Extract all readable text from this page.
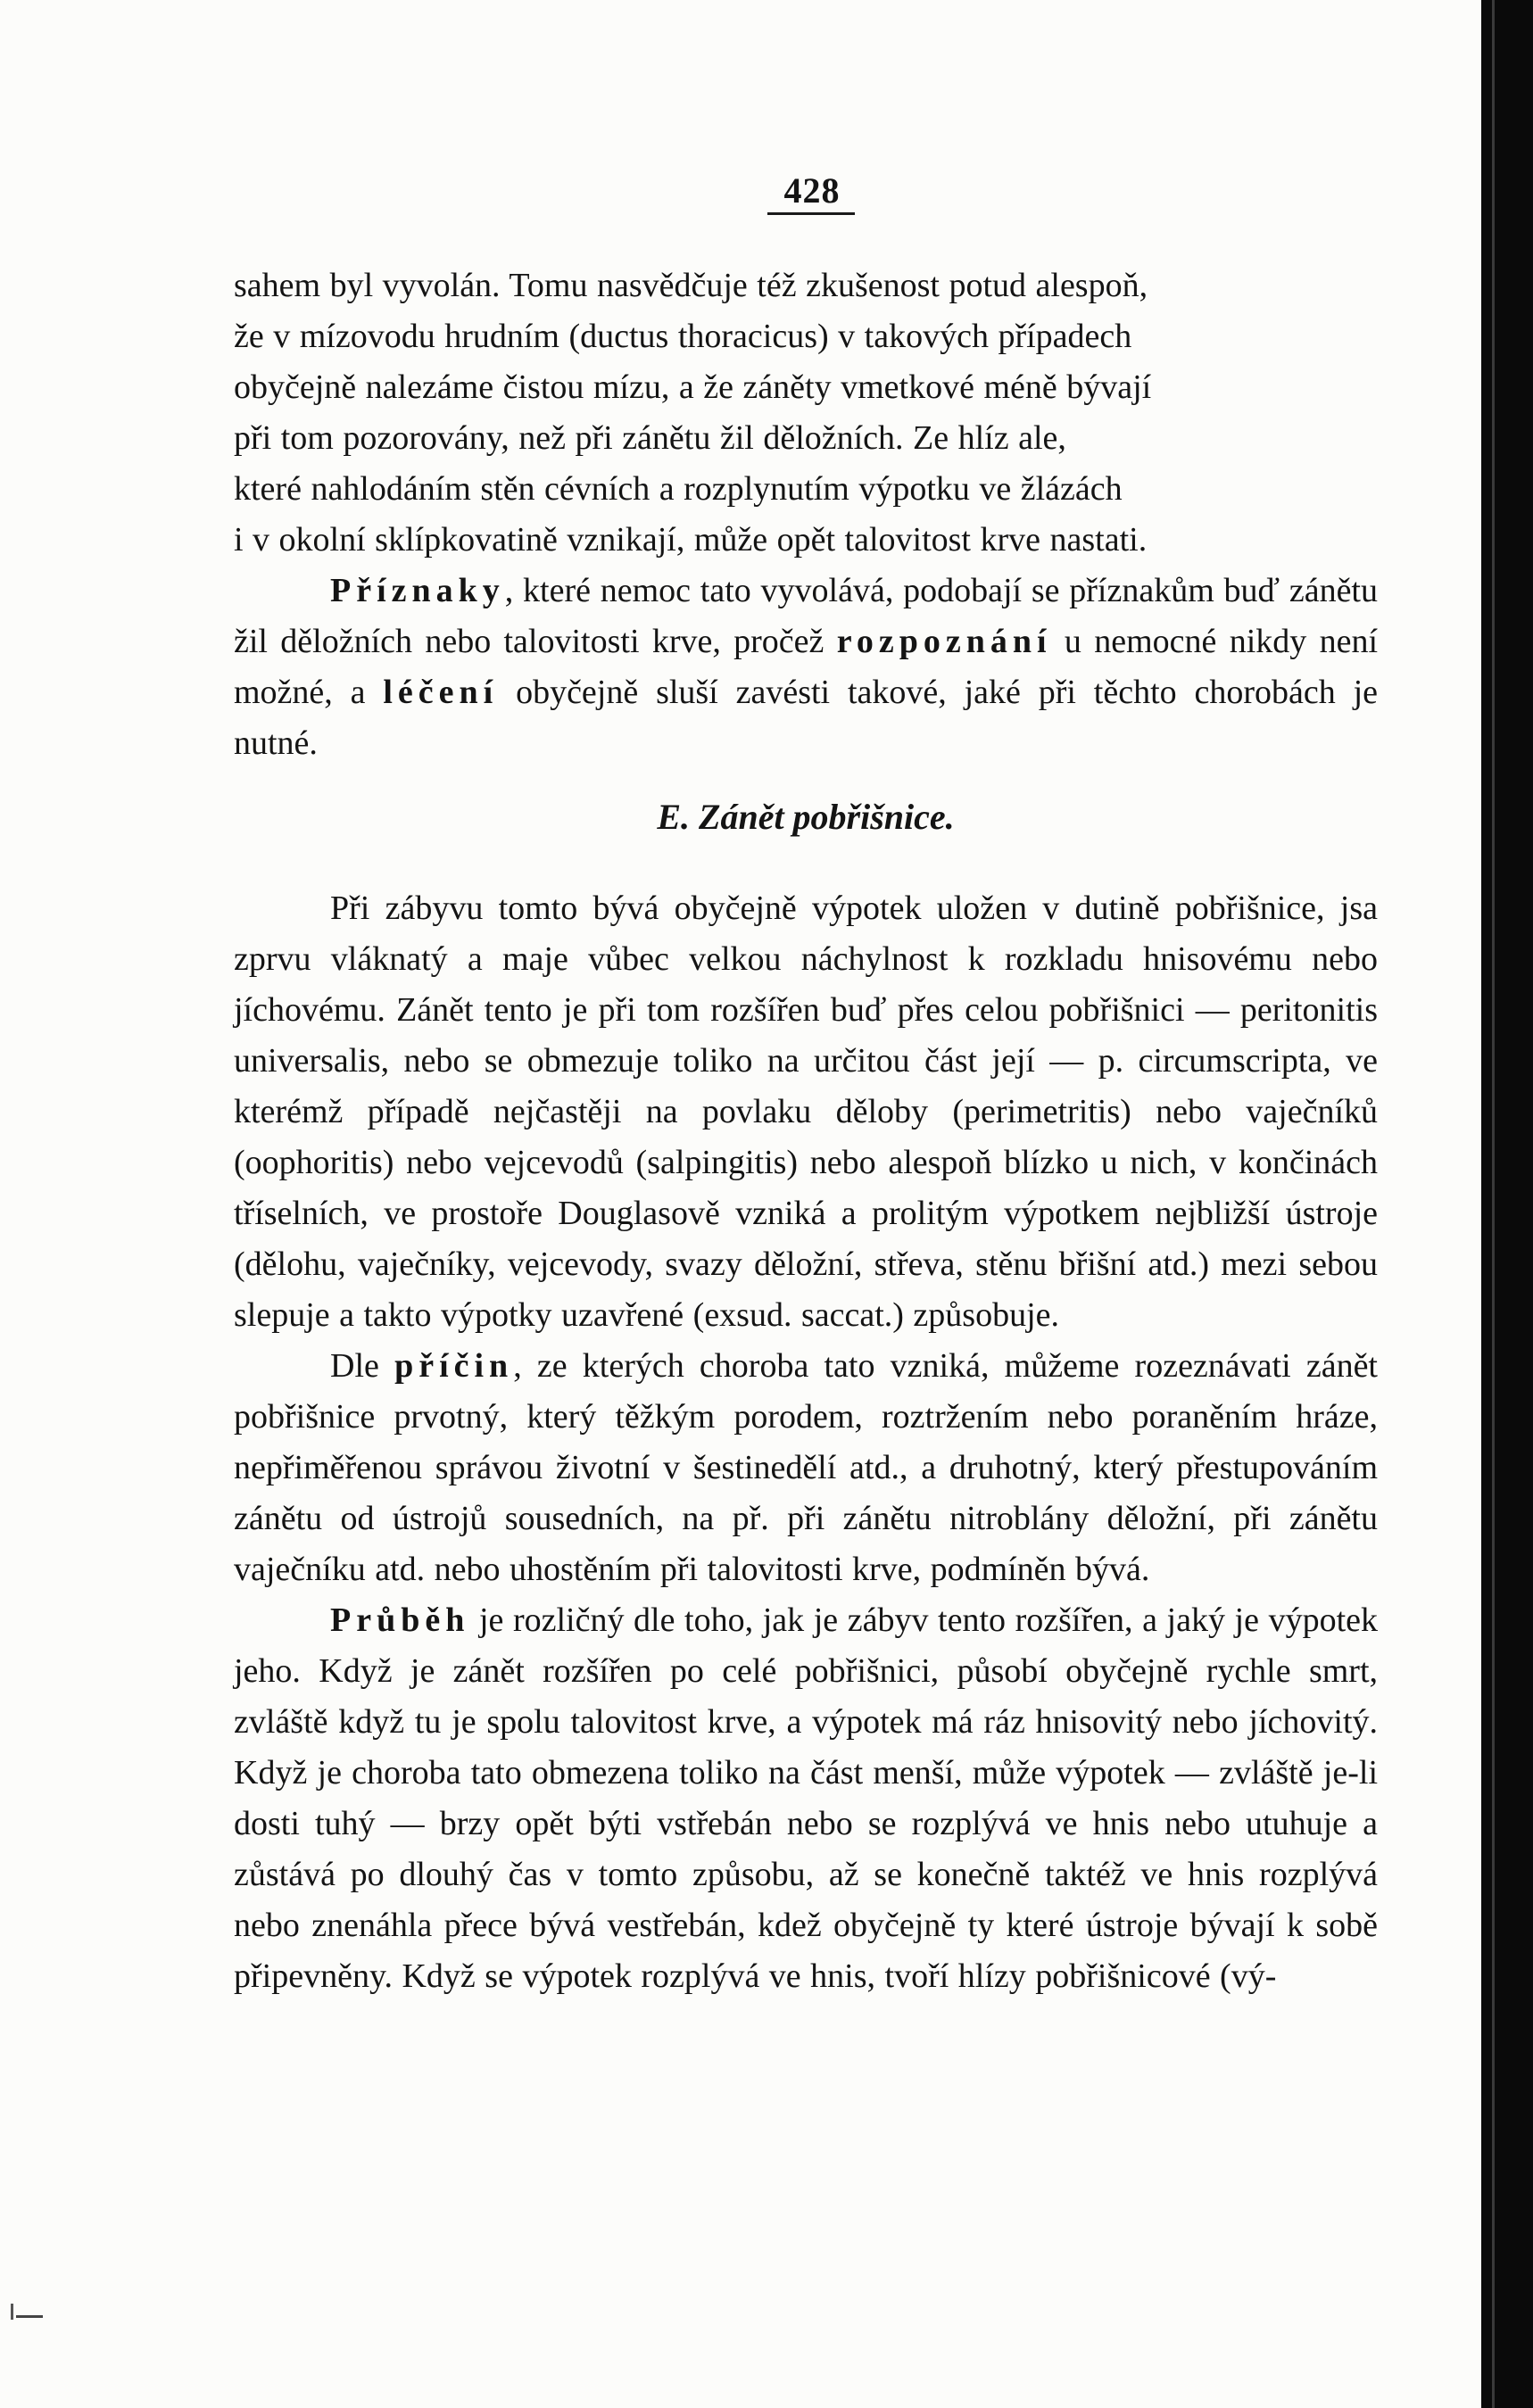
428

sahem byl vyvolán. Tomu nasvědčuje též zkušenost potud alespoň,

že v mízovodu hrudním (ductus thoracicus) v takových případech

obyčejně nalezáme čistou mízu, a že záněty vmetkové méně bývají

při tom pozorovány, než při zánětu žil děložních. Ze hlíz ale,

které nahlodáním stěn cévních a rozplynutím výpotku ve žlázách

i v okolní sklípkovatině vznikají, může opět talovitost krve nastati.

Příznaky, které nemoc tato vyvolává, podobají se příznakům buď zánětu žil děložních nebo talovitosti krve, pročež rozpoznání u nemocné nikdy není možné, a léčení obyčejně sluší zavésti takové, jaké při těchto chorobách je nutné.

E. Zánět pobřišnice.

Při zábyvu tomto bývá obyčejně výpotek uložen v dutině pobřišnice, jsa zprvu vláknatý a maje vůbec velkou náchylnost k rozkladu hnisovému nebo jíchovému. Zánět tento je při tom rozšířen buď přes celou pobřišnici — peritonitis universalis, nebo se obmezuje toliko na určitou část její — p. circumscripta, ve kterémž případě nejčastěji na povlaku děloby (perimetritis) nebo vaječníků (oophoritis) nebo vejcevodů (salpingitis) nebo alespoň blízko u nich, v končinách tříselních, ve prostoře Douglasově vzniká a prolitým výpotkem nejbližší ústroje (dělohu, vaječníky, vejcevody, svazy děložní, střeva, stěnu břišní atd.) mezi sebou slepuje a takto výpotky uzavřené (exsud. saccat.) způsobuje.

Dle příčin, ze kterých choroba tato vzniká, můžeme rozeznávati zánět pobřišnice prvotný, který těžkým porodem, roztržením nebo poraněním hráze, nepřiměřenou správou životní v šestinedělí atd., a druhotný, který přestupováním zánětu od ústrojů sousedních, na př. při zánětu nitroblány děložní, při zánětu vaječníku atd. nebo uhostěním při talovitosti krve, podmíněn bývá.

Průběh je rozličný dle toho, jak je zábyv tento rozšířen, a jaký je výpotek jeho. Když je zánět rozšířen po celé pobřišnici, působí obyčejně rychle smrt, zvláště když tu je spolu talovitost krve, a výpotek má ráz hnisovitý nebo jíchovitý. Když je choroba tato obmezena toliko na část menší, může výpotek — zvláště je-li dosti tuhý — brzy opět býti vstřebán nebo se rozplývá ve hnis nebo utuhuje a zůstává po dlouhý čas v tomto způsobu, až se konečně taktéž ve hnis rozplývá nebo znenáhla přece bývá vestřebán, kdež obyčejně ty které ústroje bývají k sobě připevněny. Když se výpotek rozplývá ve hnis, tvoří hlízy pobřišnicové (vý-
